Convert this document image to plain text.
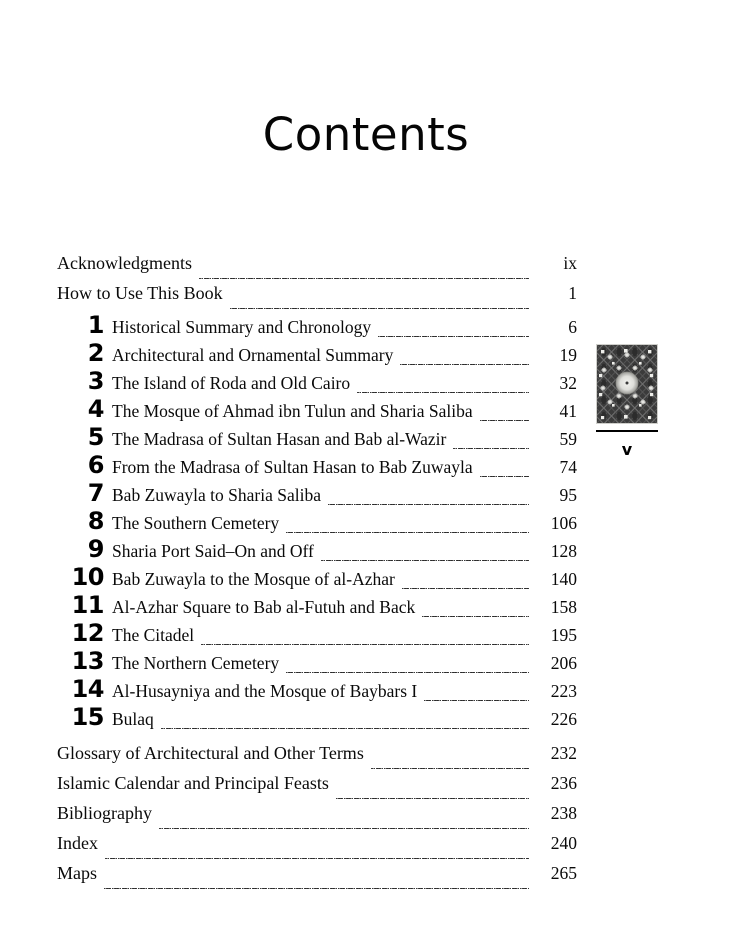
Contents
Acknowledgments	ix
How to Use This Book	1
1 Historical Summary and Chronology	6
2 Architectural and Ornamental Summary	19
3 The Island of Roda and Old Cairo	32
4 The Mosque of Ahmad ibn Tulun and Sharia Saliba	41
5 The Madrasa of Sultan Hasan and Bab al-Wazir	59
6 From the Madrasa of Sultan Hasan to Bab Zuwayla	74
7 Bab Zuwayla to Sharia Saliba	95
8 The Southern Cemetery	106
9 Sharia Port Said–On and Off	128
10 Bab Zuwayla to the Mosque of al-Azhar	140
11 Al-Azhar Square to Bab al-Futuh and Back	158
12 The Citadel	195
13 The Northern Cemetery	206
14 Al-Husayniya and the Mosque of Baybars I	223
15 Bulaq	226
Glossary of Architectural and Other Terms	232
Islamic Calendar and Principal Feasts	236
Bibliography	238
Index	240
Maps	265
v
